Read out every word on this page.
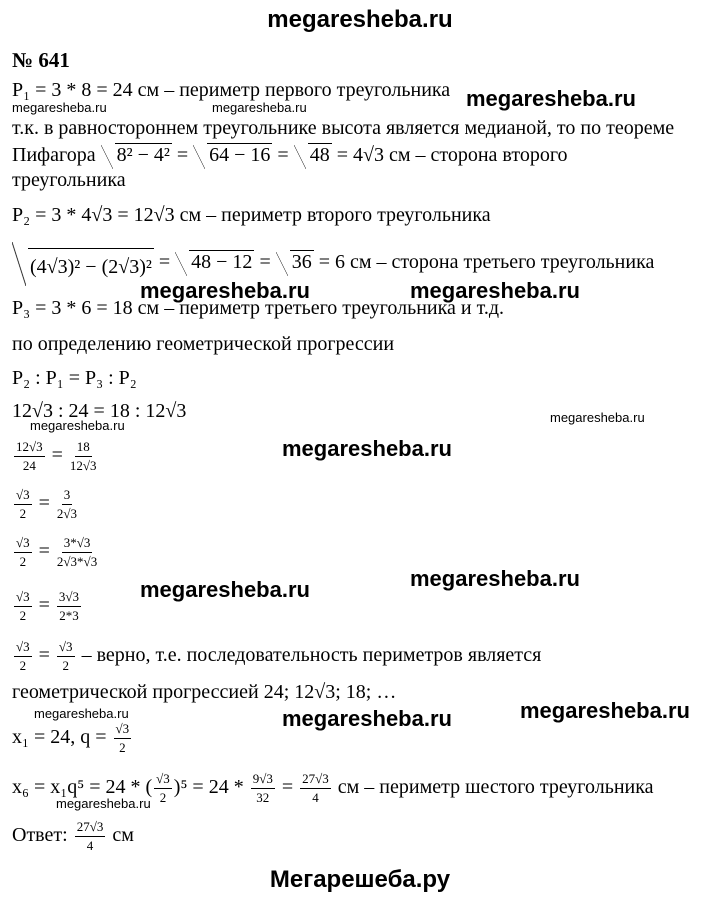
megaresheba.ru
№ 641
P₁ = 3 * 8 = 24 см – периметр первого треугольника megaresheba.ru
megaresheba.ru	megaresheba.ru
т.к. в равностороннем треугольнике высота является медианой, то по теореме
Пифагора 8² − 4² = 64 − 16 = 48 = 4√3 см – сторона второго
треугольника
P₂ = 3 * 4√3 = 12√3 см – периметр второго треугольника
(4√3)² − (2√3)² = 48 − 12 = 36 = 6 см – сторона третьего треугольника
megaresheba.ru	megaresheba.ru
P₃ = 3 * 6 = 18 см – периметр третьего треугольника и т.д.
по определению геометрической прогрессии
P₂ : P₁ = P₃ : P₂
12√3 : 24 = 18 : 12√3	megaresheba.ru
megaresheba.ru
megaresheba.ru
$\frac{12√3}{24} = \frac{18}{12√3}$
$\frac{√3}{2} = \frac{3}{2√3}$
$\frac{√3}{2} = \frac{3*√3}{2√3*√3}$
megaresheba.ru	megaresheba.ru
$\frac{√3}{2} = \frac{3√3}{2*3}$
$\frac{√3}{2} = \frac{√3}{2}$ – верно, т.е. последовательность периметров является
геометрической прогрессией 24; 12√3; 18; …
megaresheba.ru	megaresheba.ru	megaresheba.ru
x₁ = 24, $q = \frac{√3}{2}$
x₆ = x₁q⁵ = 24 * ( $\frac{√3}{2} )^5 = 24 * \frac{9√3}{32} = \frac{27√3}{4}$ см – периметр шестого треугольника
megaresheba.ru
Ответ: $\frac{27√3}{4}$ см
Мегарешеба.ру
